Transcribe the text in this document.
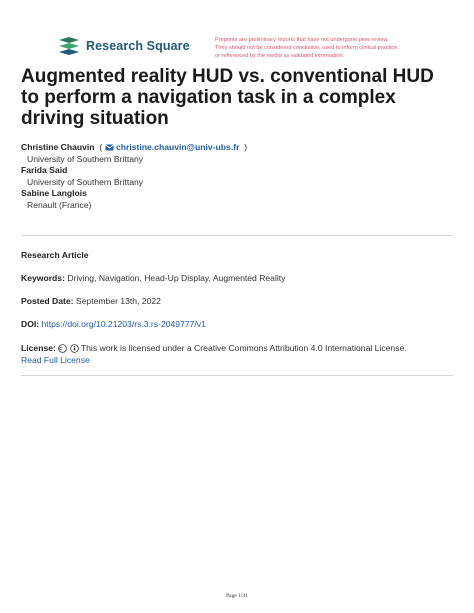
Research Square	Preprints are preliminary reports that have not undergone peer review.
They should not be considered conclusive, used to inform clinical practice,
or referenced by the media as validated information.
Augmented reality HUD vs. conventional HUD to perform a navigation task in a complex driving situation
Christine Chauvin  ( christine.chauvin@univ-ubs.fr  )
University of Southern Brittany
Farida Said
University of Southern Brittany
Sabine Langlois
Renault (France)
Research Article
Keywords: Driving, Navigation, Head-Up Display, Augmented Reality
Posted Date: September 13th, 2022
DOI: https://doi.org/10.21203/rs.3.rs-2049777/v1
License:	This work is licensed under a Creative Commons Attribution 4.0 International License.
Read Full License
Page 1/31
